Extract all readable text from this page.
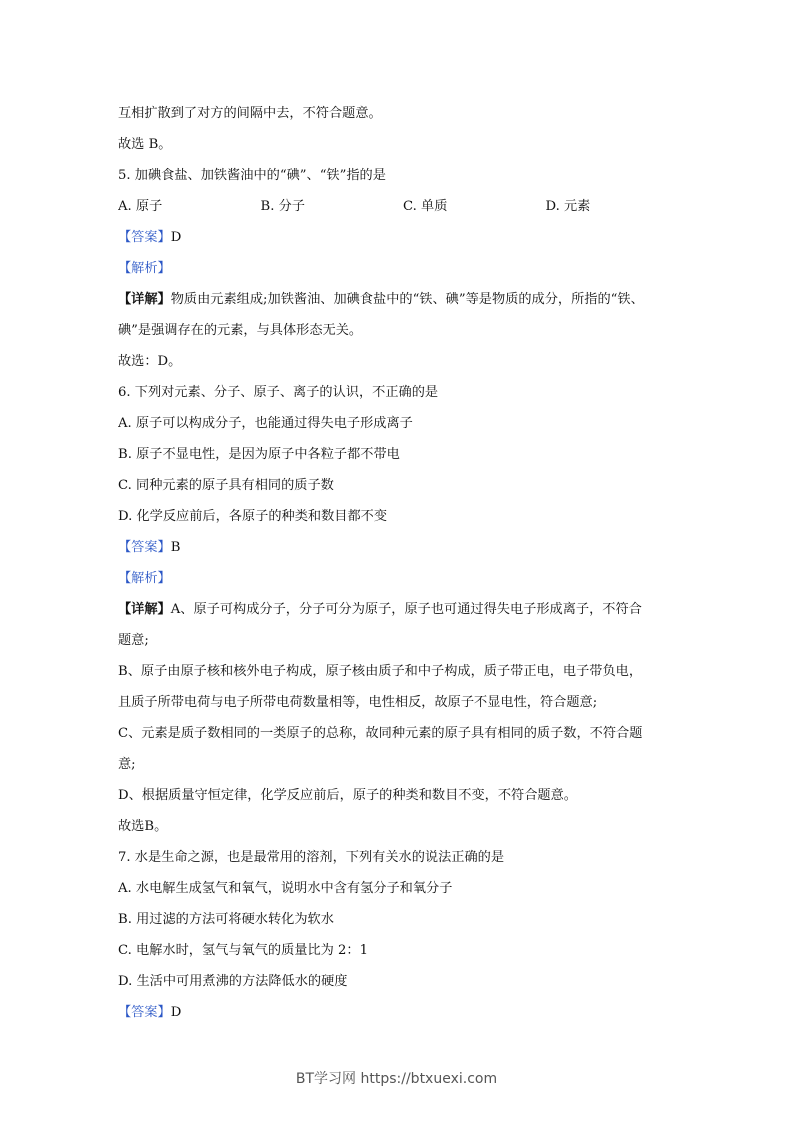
互相扩散到了对方的间隔中去，不符合题意。
故选 B。
5. 加碘食盐、加铁酱油中的“碘”、“铁”指的是
A. 原子	B. 分子	C. 单质	D. 元素
【答案】D
【解析】
【详解】物质由元素组成;加铁酱油、加碘食盐中的“铁、碘”等是物质的成分，所指的“铁、
碘”是强调存在的元素，与具体形态无关。
故选：D。
6. 下列对元素、分子、原子、离子的认识，不正确的是
A. 原子可以构成分子，也能通过得失电子形成离子
B. 原子不显电性，是因为原子中各粒子都不带电
C. 同种元素的原子具有相同的质子数
D. 化学反应前后，各原子的种类和数目都不变
【答案】B
【解析】
【详解】A、原子可构成分子，分子可分为原子，原子也可通过得失电子形成离子，不符合
题意;
B、原子由原子核和核外电子构成，原子核由质子和中子构成，质子带正电，电子带负电，
且质子所带电荷与电子所带电荷数量相等，电性相反，故原子不显电性，符合题意;
C、元素是质子数相同的一类原子的总称，故同种元素的原子具有相同的质子数，不符合题
意;
D、根据质量守恒定律，化学反应前后，原子的种类和数目不变，不符合题意。
故选B。
7. 水是生命之源，也是最常用的溶剂，下列有关水的说法正确的是
A. 水电解生成氢气和氧气，说明水中含有氢分子和氧分子
B. 用过滤的方法可将硬水转化为软水
C. 电解水时，氢气与氧气的质量比为 2：1
D. 生活中可用煮沸的方法降低水的硬度
【答案】D
BT学习网 https://btxuexi.com
